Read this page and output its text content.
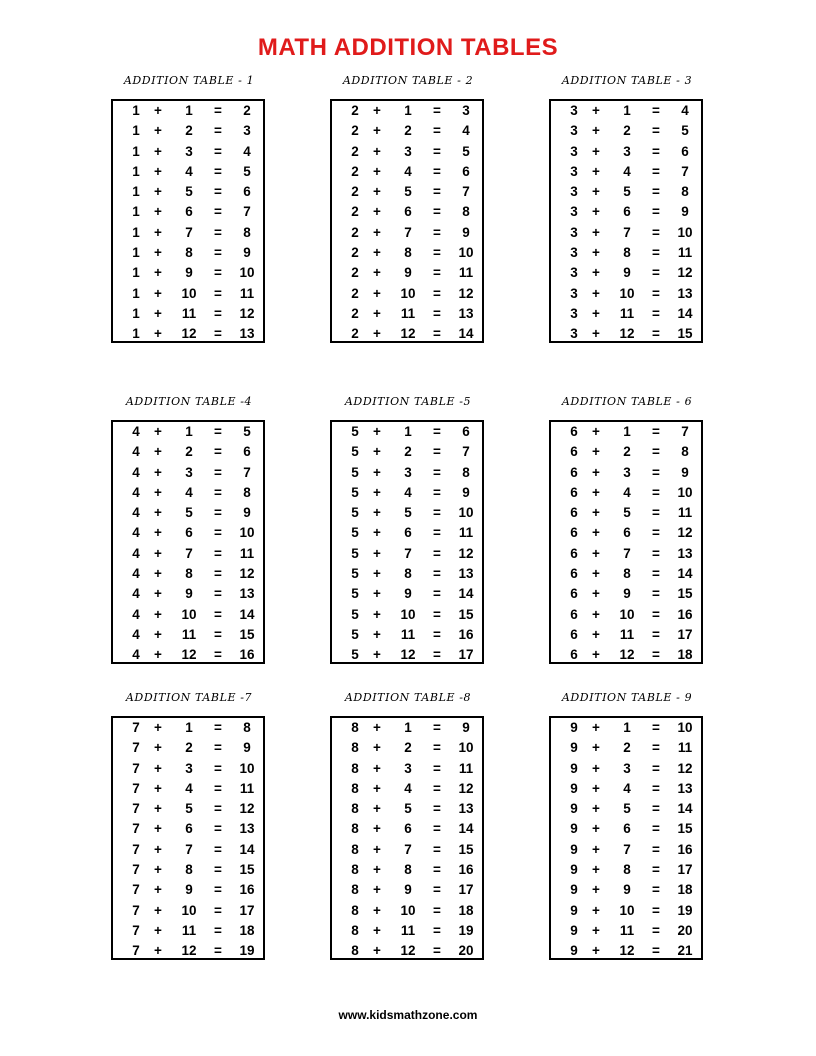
MATH ADDITION TABLES
ADDITION TABLE - 1
1	+	1	=	2
1	+	2	=	3
1	+	3	=	4
1	+	4	=	5
1	+	5	=	6
1	+	6	=	7
1	+	7	=	8
1	+	8	=	9
1	+	9	=	10
1	+	10	=	11
1	+	11	=	12
1	+	12	=	13
ADDITION TABLE - 2
2	+	1	=	3
2	+	2	=	4
2	+	3	=	5
2	+	4	=	6
2	+	5	=	7
2	+	6	=	8
2	+	7	=	9
2	+	8	=	10
2	+	9	=	11
2	+	10	=	12
2	+	11	=	13
2	+	12	=	14
ADDITION TABLE - 3
3	+	1	=	4
3	+	2	=	5
3	+	3	=	6
3	+	4	=	7
3	+	5	=	8
3	+	6	=	9
3	+	7	=	10
3	+	8	=	11
3	+	9	=	12
3	+	10	=	13
3	+	11	=	14
3	+	12	=	15
ADDITION TABLE -4
4	+	1	=	5
4	+	2	=	6
4	+	3	=	7
4	+	4	=	8
4	+	5	=	9
4	+	6	=	10
4	+	7	=	11
4	+	8	=	12
4	+	9	=	13
4	+	10	=	14
4	+	11	=	15
4	+	12	=	16
ADDITION TABLE -5
5	+	1	=	6
5	+	2	=	7
5	+	3	=	8
5	+	4	=	9
5	+	5	=	10
5	+	6	=	11
5	+	7	=	12
5	+	8	=	13
5	+	9	=	14
5	+	10	=	15
5	+	11	=	16
5	+	12	=	17
ADDITION TABLE - 6
6	+	1	=	7
6	+	2	=	8
6	+	3	=	9
6	+	4	=	10
6	+	5	=	11
6	+	6	=	12
6	+	7	=	13
6	+	8	=	14
6	+	9	=	15
6	+	10	=	16
6	+	11	=	17
6	+	12	=	18
ADDITION TABLE -7
7	+	1	=	8
7	+	2	=	9
7	+	3	=	10
7	+	4	=	11
7	+	5	=	12
7	+	6	=	13
7	+	7	=	14
7	+	8	=	15
7	+	9	=	16
7	+	10	=	17
7	+	11	=	18
7	+	12	=	19
ADDITION TABLE -8
8	+	1	=	9
8	+	2	=	10
8	+	3	=	11
8	+	4	=	12
8	+	5	=	13
8	+	6	=	14
8	+	7	=	15
8	+	8	=	16
8	+	9	=	17
8	+	10	=	18
8	+	11	=	19
8	+	12	=	20
ADDITION TABLE - 9
9	+	1	=	10
9	+	2	=	11
9	+	3	=	12
9	+	4	=	13
9	+	5	=	14
9	+	6	=	15
9	+	7	=	16
9	+	8	=	17
9	+	9	=	18
9	+	10	=	19
9	+	11	=	20
9	+	12	=	21
www.kidsmathzone.com
